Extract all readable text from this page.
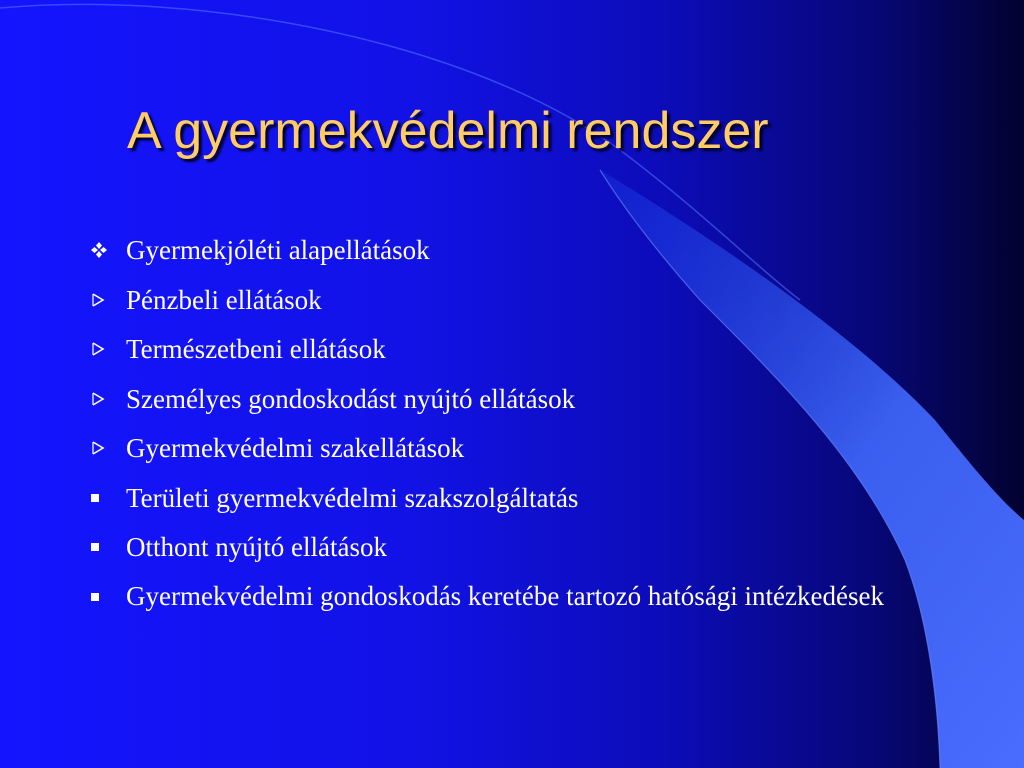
A gyermekvédelmi rendszer
Gyermekjóléti alapellátások
Pénzbeli ellátások
Természetbeni ellátások
Személyes gondoskodást nyújtó ellátások
Gyermekvédelmi szakellátások
Területi gyermekvédelmi szakszolgáltatás
Otthont nyújtó ellátások
Gyermekvédelmi gondoskodás keretébe tartozó hatósági intézkedések
